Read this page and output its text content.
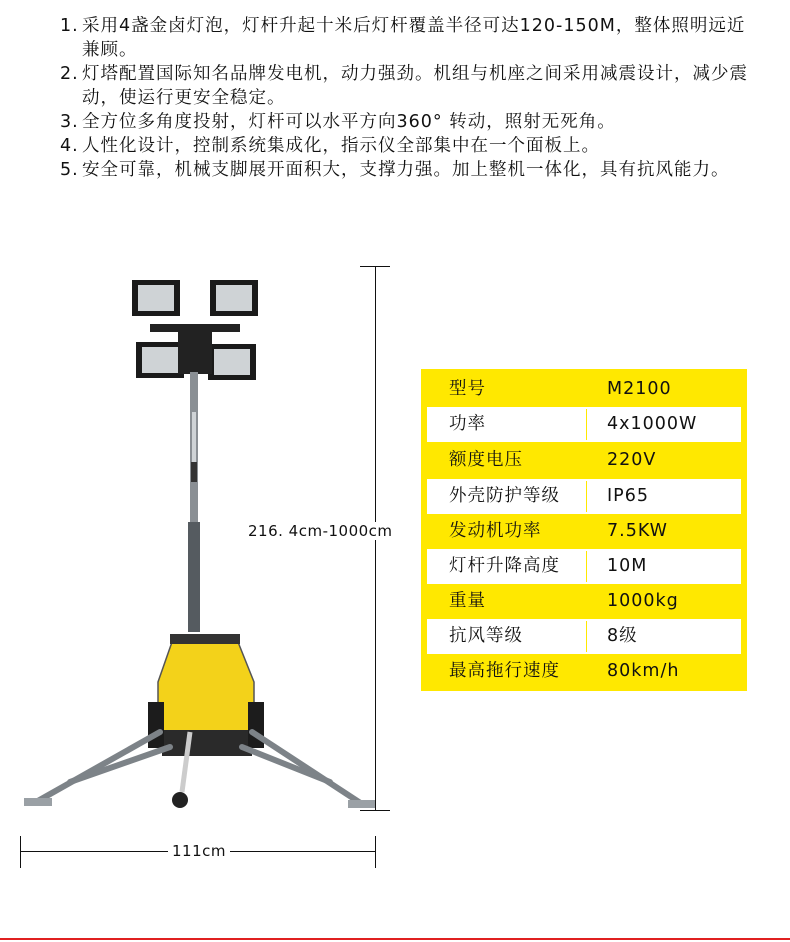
1. 采用4盏金卤灯泡，灯杆升起十米后灯杆覆盖半径可达120-150M，整体照明远近兼顾。
2. 灯塔配置国际知名品牌发电机，动力强劲。机组与机座之间采用减震设计，减少震动，使运行更安全稳定。
3. 全方位多角度投射，灯杆可以水平方向360° 转动，照射无死角。
4. 人性化设计，控制系统集成化，指示仪全部集中在一个面板上。
5. 安全可靠，机械支脚展开面积大，支撑力强。加上整机一体化，具有抗风能力。
216. 4cm-1000cm
111cm
型号	M2100
功率	4x1000W
额度电压	220V
外壳防护等级	IP65
发动机功率	7.5KW
灯杆升降高度	10M
重量	1000kg
抗风等级	8级
最高拖行速度	80km/h
